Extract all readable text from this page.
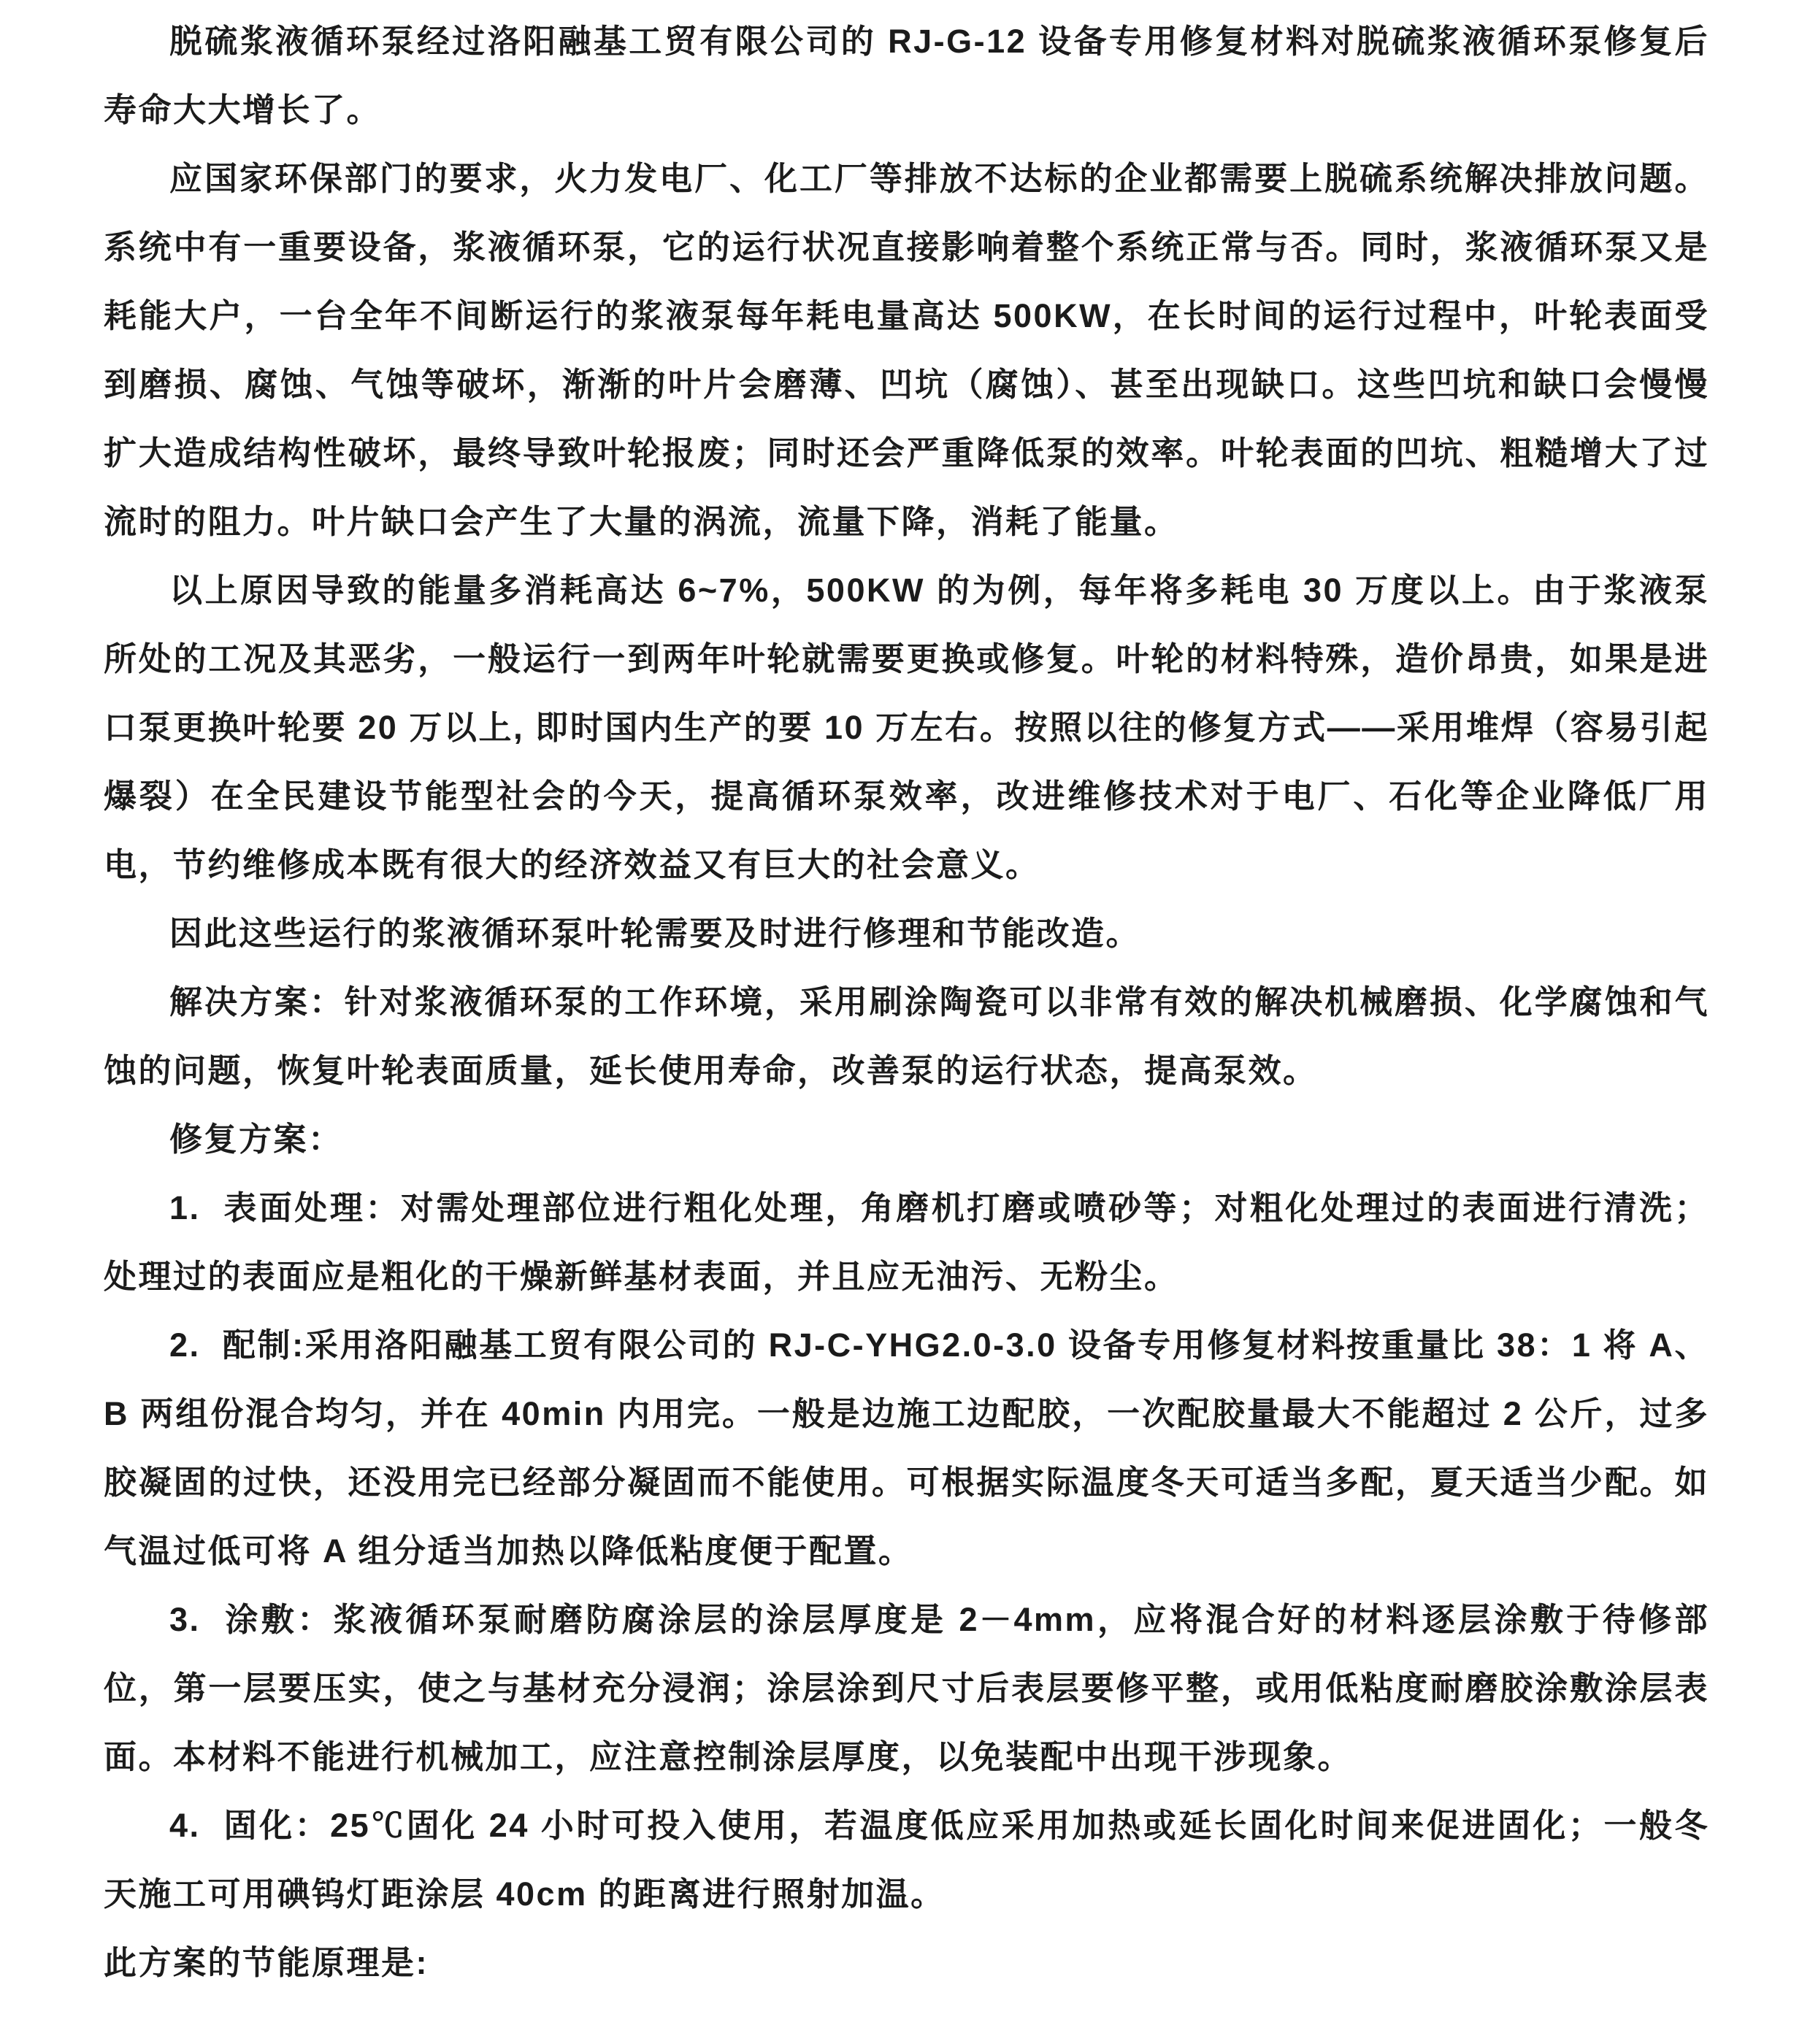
脱硫浆液循环泵经过洛阳融基工贸有限公司的 RJ-G-12 设备专用修复材料对脱硫浆液循环泵修复后寿命大大增长了。

应国家环保部门的要求，火力发电厂、化工厂等排放不达标的企业都需要上脱硫系统解决排放问题。系统中有一重要设备，浆液循环泵，它的运行状况直接影响着整个系统正常与否。同时，浆液循环泵又是耗能大户，一台全年不间断运行的浆液泵每年耗电量高达 500KW，在长时间的运行过程中，叶轮表面受到磨损、腐蚀、气蚀等破坏，渐渐的叶片会磨薄、凹坑（腐蚀）、甚至出现缺口。这些凹坑和缺口会慢慢扩大造成结构性破坏，最终导致叶轮报废；同时还会严重降低泵的效率。叶轮表面的凹坑、粗糙增大了过流时的阻力。叶片缺口会产生了大量的涡流，流量下降，消耗了能量。

以上原因导致的能量多消耗高达 6~7%，500KW 的为例，每年将多耗电 30 万度以上。由于浆液泵所处的工况及其恶劣，一般运行一到两年叶轮就需要更换或修复。叶轮的材料特殊，造价昂贵，如果是进口泵更换叶轮要 20 万以上, 即时国内生产的要 10 万左右。按照以往的修复方式——采用堆焊（容易引起爆裂）在全民建设节能型社会的今天，提高循环泵效率，改进维修技术对于电厂、石化等企业降低厂用电，节约维修成本既有很大的经济效益又有巨大的社会意义。

因此这些运行的浆液循环泵叶轮需要及时进行修理和节能改造。

解决方案：针对浆液循环泵的工作环境，采用刷涂陶瓷可以非常有效的解决机械磨损、化学腐蚀和气蚀的问题，恢复叶轮表面质量，延长使用寿命，改善泵的运行状态，提高泵效。

修复方案：

1.  表面处理：对需处理部位进行粗化处理，角磨机打磨或喷砂等；对粗化处理过的表面进行清洗；处理过的表面应是粗化的干燥新鲜基材表面，并且应无油污、无粉尘。

2.  配制:采用洛阳融基工贸有限公司的 RJ-C-YHG2.0-3.0 设备专用修复材料按重量比 38：1 将 A、B 两组份混合均匀，并在 40min 内用完。一般是边施工边配胶，一次配胶量最大不能超过 2 公斤，过多胶凝固的过快，还没用完已经部分凝固而不能使用。可根据实际温度冬天可适当多配，夏天适当少配。如气温过低可将 A 组分适当加热以降低粘度便于配置。

3.  涂敷：浆液循环泵耐磨防腐涂层的涂层厚度是 2－4mm，应将混合好的材料逐层涂敷于待修部位，第一层要压实，使之与基材充分浸润；涂层涂到尺寸后表层要修平整，或用低粘度耐磨胶涂敷涂层表面。本材料不能进行机械加工，应注意控制涂层厚度，以免装配中出现干涉现象。

4.  固化：25℃固化 24 小时可投入使用，若温度低应采用加热或延长固化时间来促进固化；一般冬天施工可用碘钨灯距涂层 40cm 的距离进行照射加温。

此方案的节能原理是:
